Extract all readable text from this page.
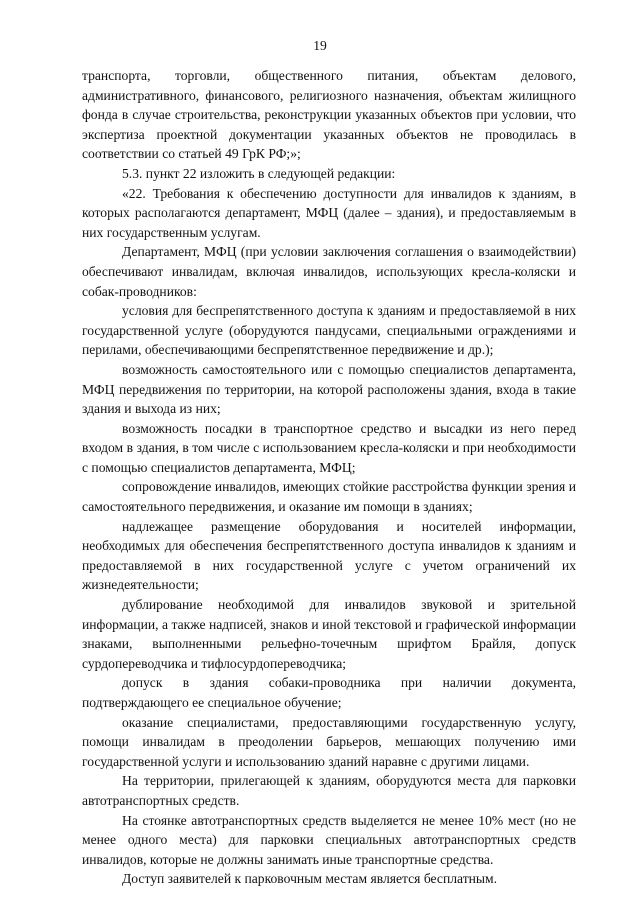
19

транспорта, торговли, общественного питания, объектам делового, административного, финансового, религиозного назначения, объектам жилищного фонда в случае строительства, реконструкции указанных объектов при условии, что экспертиза проектной документации указанных объектов не проводилась в соответствии со статьей 49 ГрК РФ;»;

5.3. пункт 22 изложить в следующей редакции:

«22. Требования к обеспечению доступности для инвалидов к зданиям, в которых располагаются департамент, МФЦ (далее – здания), и предоставляемым в них государственным услугам.

Департамент, МФЦ (при условии заключения соглашения о взаимодействии) обеспечивают инвалидам, включая инвалидов, использующих кресла-коляски и собак-проводников:

условия для беспрепятственного доступа к зданиям и предоставляемой в них государственной услуге (оборудуются пандусами, специальными ограждениями и перилами, обеспечивающими беспрепятственное передвижение и др.);

возможность самостоятельного или с помощью специалистов департамента, МФЦ передвижения по территории, на которой расположены здания, входа в такие здания и выхода из них;

возможность посадки в транспортное средство и высадки из него перед входом в здания, в том числе с использованием кресла-коляски и при необходимости с помощью специалистов департамента, МФЦ;

сопровождение инвалидов, имеющих стойкие расстройства функции зрения и самостоятельного передвижения, и оказание им помощи в зданиях;

надлежащее размещение оборудования и носителей информации, необходимых для обеспечения беспрепятственного доступа инвалидов к зданиям и предоставляемой в них государственной услуге с учетом ограничений их жизнедеятельности;

дублирование необходимой для инвалидов звуковой и зрительной информации, а также надписей, знаков и иной текстовой и графической информации знаками, выполненными рельефно-точечным шрифтом Брайля, допуск сурдопереводчика и тифлосурдопереводчика;

допуск в здания собаки-проводника при наличии документа, подтверждающего ее специальное обучение;

оказание специалистами, предоставляющими государственную услугу, помощи инвалидам в преодолении барьеров, мешающих получению ими государственной услуги и использованию зданий наравне с другими лицами.

На территории, прилегающей к зданиям, оборудуются места для парковки автотранспортных средств.

На стоянке автотранспортных средств выделяется не менее 10% мест (но не менее одного места) для парковки специальных автотранспортных средств инвалидов, которые не должны занимать иные транспортные средства.

Доступ заявителей к парковочным местам является бесплатным.
